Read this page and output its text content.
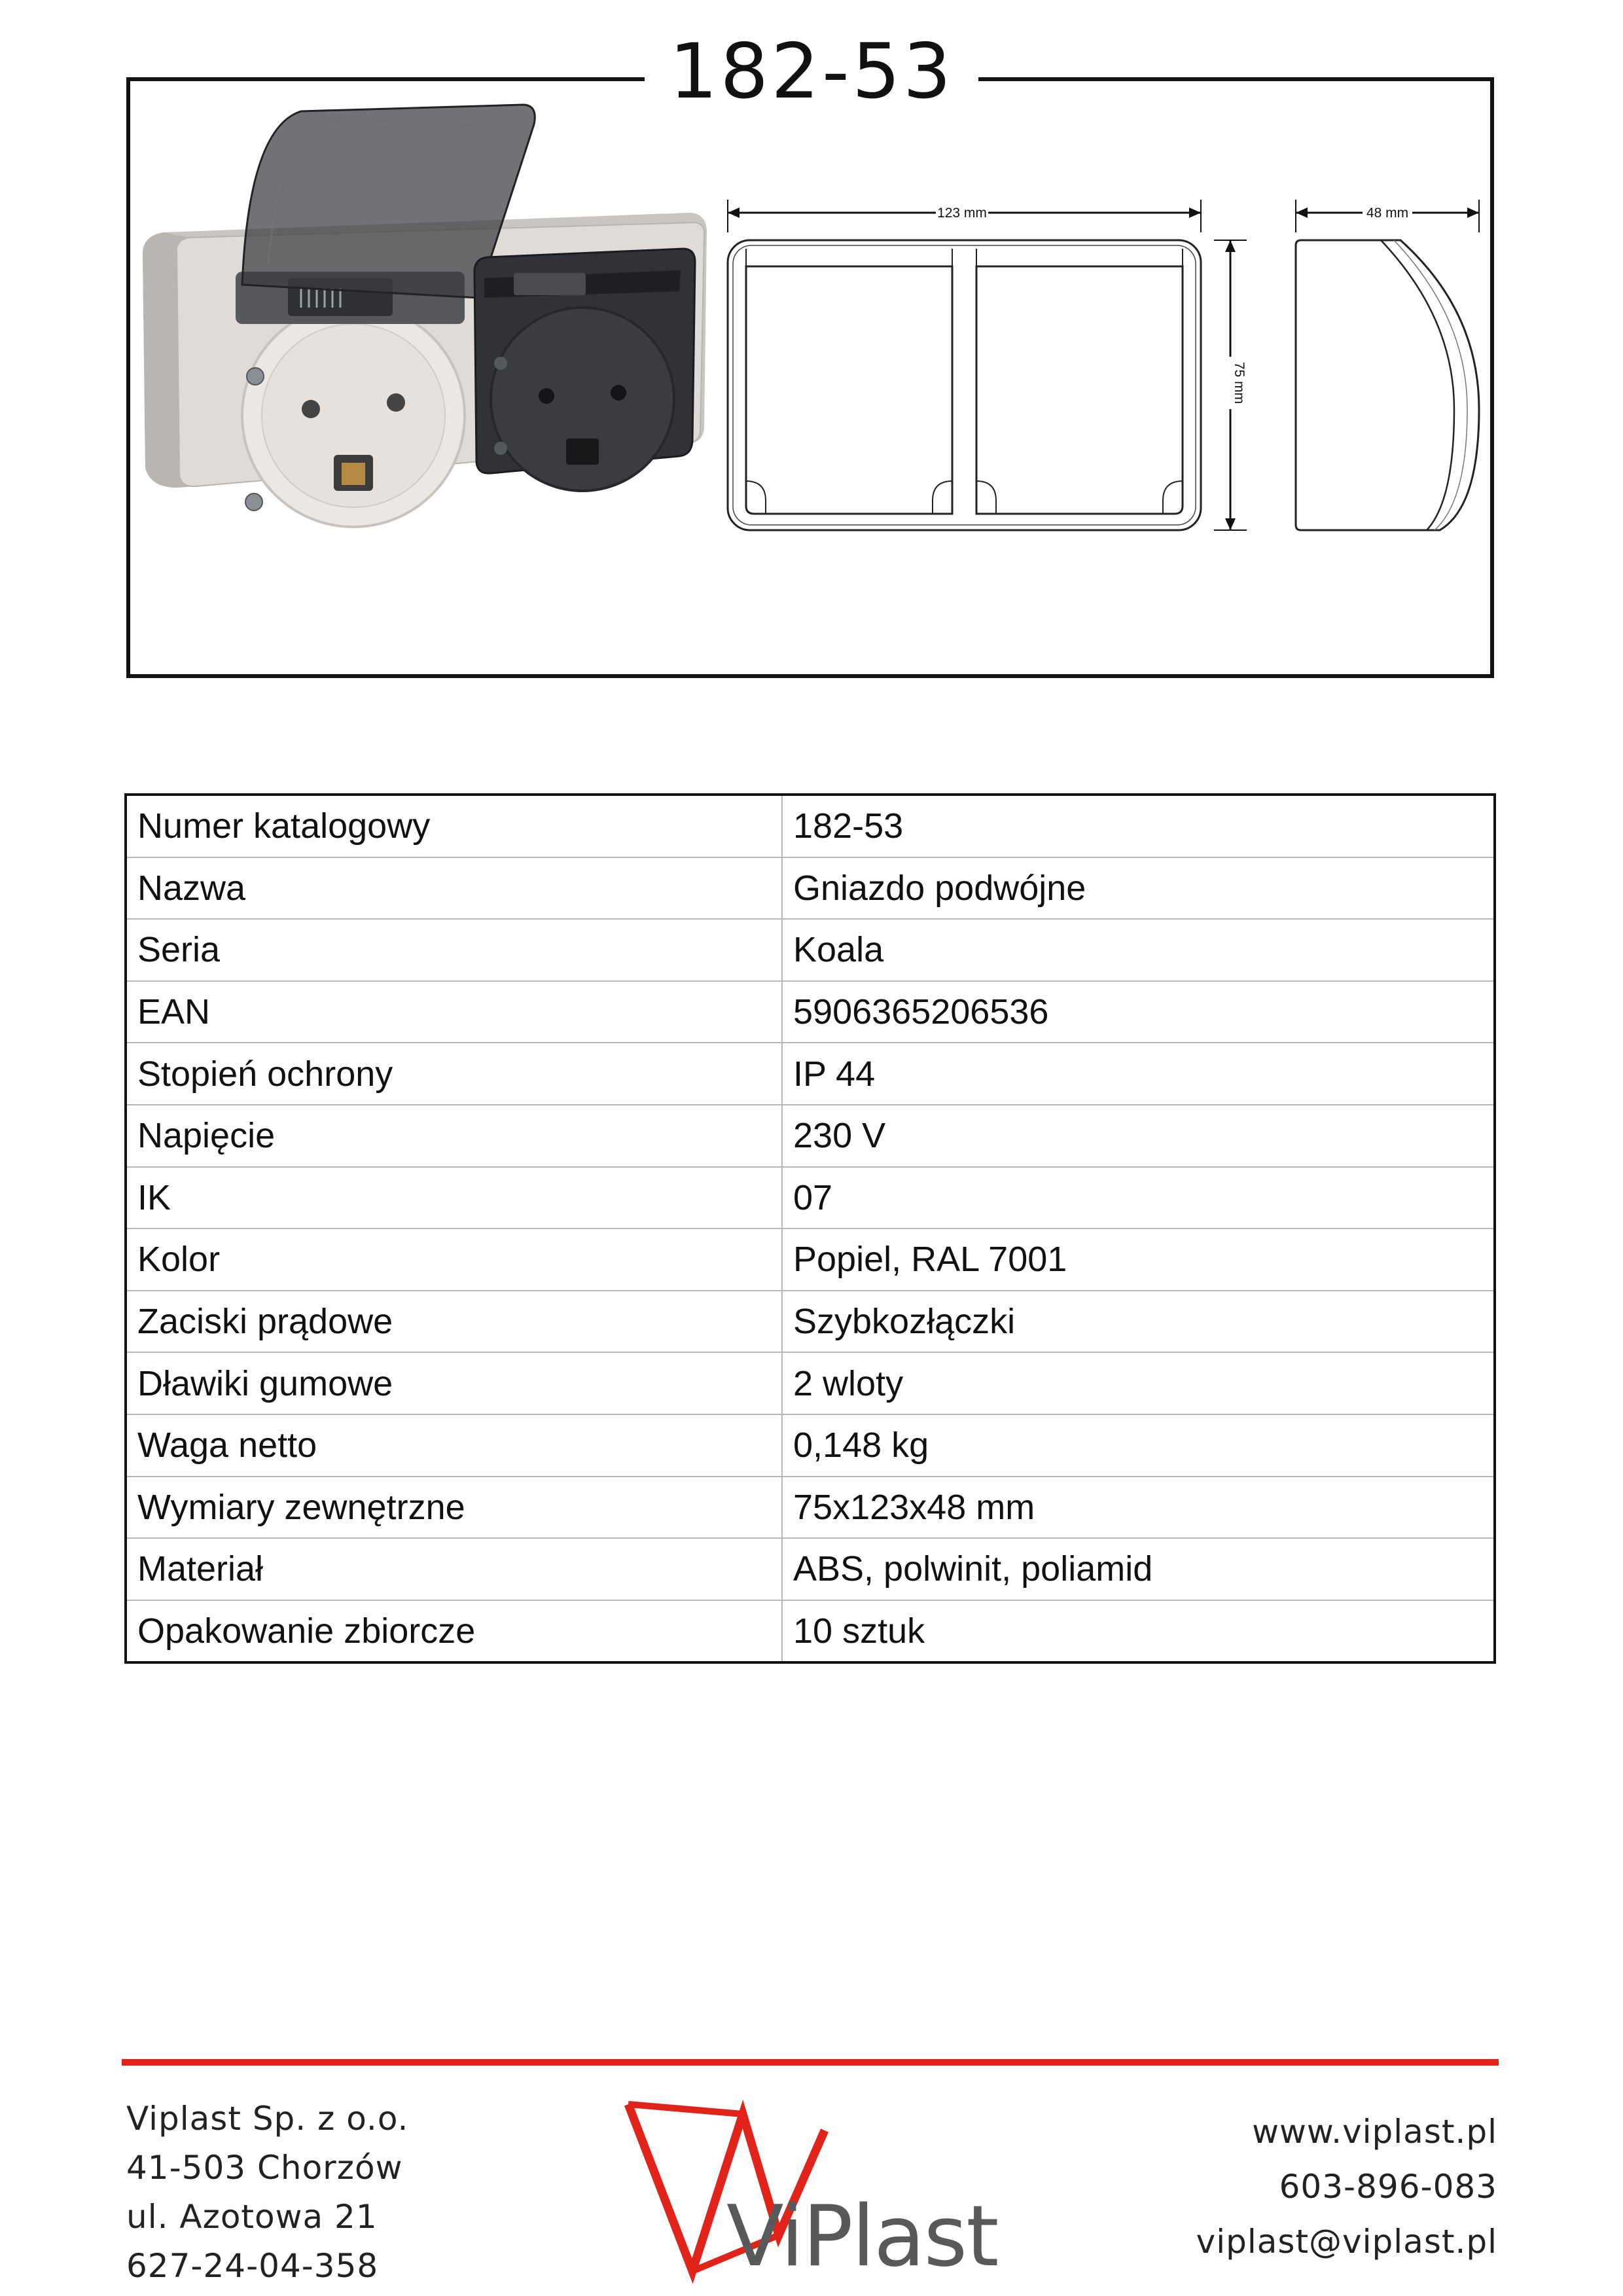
182-53
123 mm
75 mm
48 mm
Numer katalogowy	182-53
Nazwa	Gniazdo podwójne
Seria	Koala
EAN	5906365206536
Stopień ochrony	IP 44
Napięcie	230 V
IK	07
Kolor	Popiel, RAL 7001
Zaciski prądowe	Szybkozłączki
Dławiki gumowe	2 wloty
Waga netto	0,148 kg
Wymiary zewnętrzne	75x123x48 mm
Materiał	ABS, polwinit, poliamid
Opakowanie zbiorcze	10 sztuk
Viplast Sp. z o.o.
41-503 Chorzów
ul. Azotowa 21
627-24-04-358	ViPlast
www.viplast.pl
603-896-083
viplast@viplast.pl
